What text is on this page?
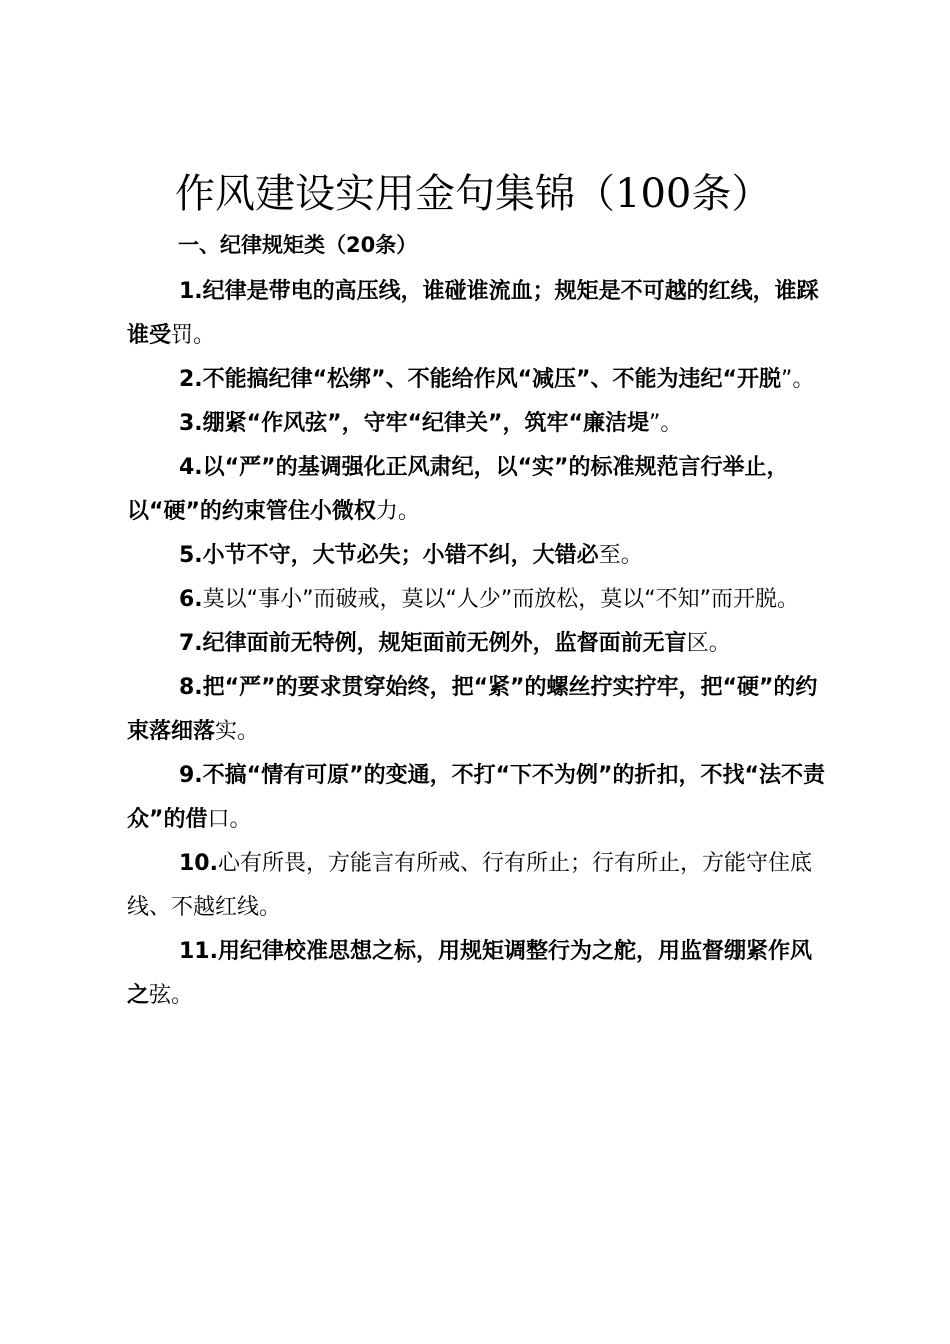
作风建设实用金句集锦（100条）
一、纪律规矩类（20条）

1.纪律是带电的高压线，谁碰谁流血；规矩是不可越的红线，谁踩谁受罚。

2.不能搞纪律“松绑”、不能给作风“减压”、不能为违纪“开脱”。

3.绷紧“作风弦”，守牢“纪律关”，筑牢“廉洁堤”。

4.以“严”的基调强化正风肃纪，以“实”的标准规范言行举止，以“硬”的约束管住小微权力。

5.小节不守，大节必失；小错不纠，大错必至。

6.莫以“事小”而破戒，莫以“人少”而放松，莫以“不知”而开脱。

7.纪律面前无特例，规矩面前无例外，监督面前无盲区。

8.把“严”的要求贯穿始终，把“紧”的螺丝拧实拧牢，把“硬”的约束落细落实。

9.不搞“情有可原”的变通，不打“下不为例”的折扣，不找“法不责众”的借口。

10.心有所畏，方能言有所戒、行有所止；行有所止，方能守住底线、不越红线。

11.用纪律校准思想之标，用规矩调整行为之舵，用监督绷紧作风之弦。
